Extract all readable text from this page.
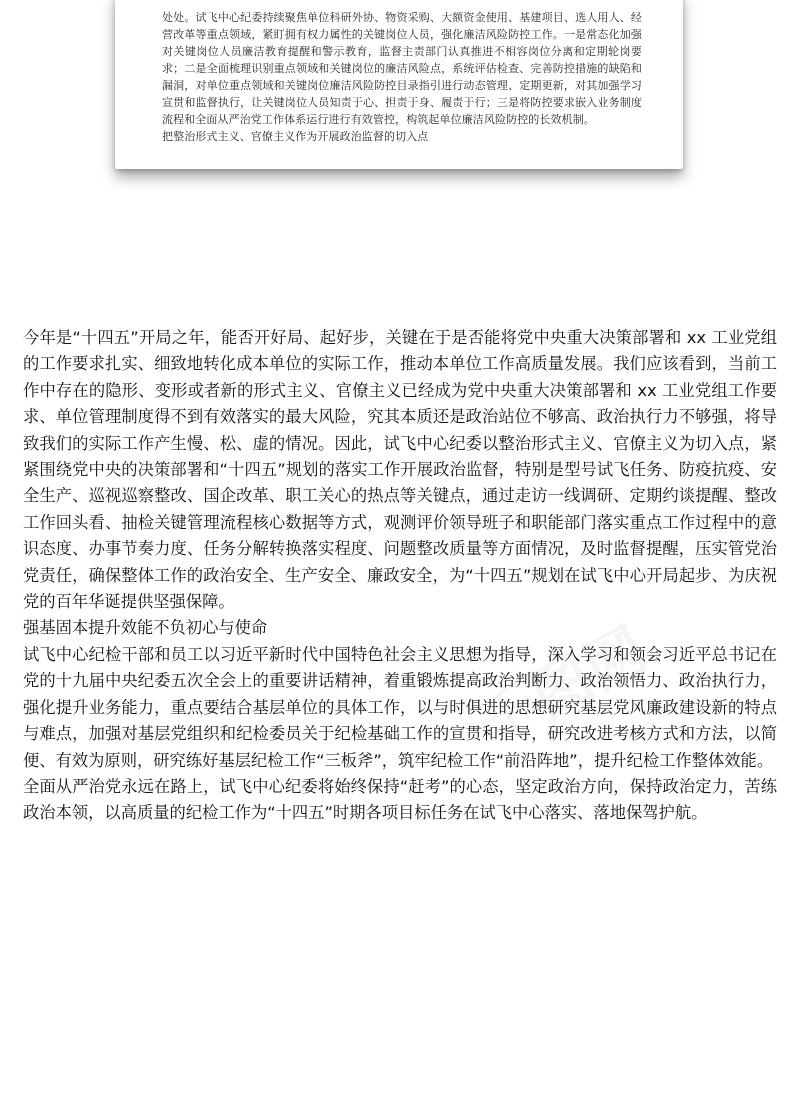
处处。试飞中心纪委持续聚焦单位科研外协、物资采购、大额资金使用、基建项目、选人用人、经营改革等重点领域，紧盯拥有权力属性的关键岗位人员，强化廉洁风险防控工作。一是常态化加强对关键岗位人员廉洁教育提醒和警示教育，监督主责部门认真推进不相容岗位分离和定期轮岗要求；二是全面梳理识别重点领域和关键岗位的廉洁风险点，系统评估检查、完善防控措施的缺陷和漏洞，对单位重点领域和关键岗位廉洁风险防控目录指引进行动态管理、定期更新，对其加强学习宣贯和监督执行，让关键岗位人员知责于心、担责于身、履责于行；三是将防控要求嵌入业务制度流程和全面从严治党工作体系运行进行有效管控，构筑起单位廉洁风险防控的长效机制。

把整治形式主义、官僚主义作为开展政治监督的切入点

今年是“十四五”开局之年，能否开好局、起好步，关键在于是否能将党中央重大决策部署和 xx 工业党组的工作要求扎实、细致地转化成本单位的实际工作，推动本单位工作高质量发展。我们应该看到，当前工作中存在的隐形、变形或者新的形式主义、官僚主义已经成为党中央重大决策部署和 xx 工业党组工作要求、单位管理制度得不到有效落实的最大风险，究其本质还是政治站位不够高、政治执行力不够强，将导致我们的实际工作产生慢、松、虚的情况。因此，试飞中心纪委以整治形式主义、官僚主义为切入点，紧紧围绕党中央的决策部署和“十四五”规划的落实工作开展政治监督，特别是型号试飞任务、防疫抗疫、安全生产、巡视巡察整改、国企改革、职工关心的热点等关键点，通过走访一线调研、定期约谈提醒、整改工作回头看、抽检关键管理流程核心数据等方式，观测评价领导班子和职能部门落实重点工作过程中的意识态度、办事节奏力度、任务分解转换落实程度、问题整改质量等方面情况，及时监督提醒，压实管党治党责任，确保整体工作的政治安全、生产安全、廉政安全，为“十四五”规划在试飞中心开局起步、为庆祝党的百年华诞提供坚强保障。

强基固本提升效能不负初心与使命

试飞中心纪检干部和员工以习近平新时代中国特色社会主义思想为指导，深入学习和领会习近平总书记在党的十九届中央纪委五次全会上的重要讲话精神，着重锻炼提高政治判断力、政治领悟力、政治执行力，强化提升业务能力，重点要结合基层单位的具体工作，以与时俱进的思想研究基层党风廉政建设新的特点与难点，加强对基层党组织和纪检委员关于纪检基础工作的宣贯和指导，研究改进考核方式和方法，以简便、有效为原则，研究练好基层纪检工作“三板斧”，筑牢纪检工作“前沿阵地”，提升纪检工作整体效能。

全面从严治党永远在路上，试飞中心纪委将始终保持“赶考”的心态，坚定政治方向，保持政治定力，苦练政治本领，以高质量的纪检工作为“十四五”时期各项目标任务在试飞中心落实、落地保驾护航。
